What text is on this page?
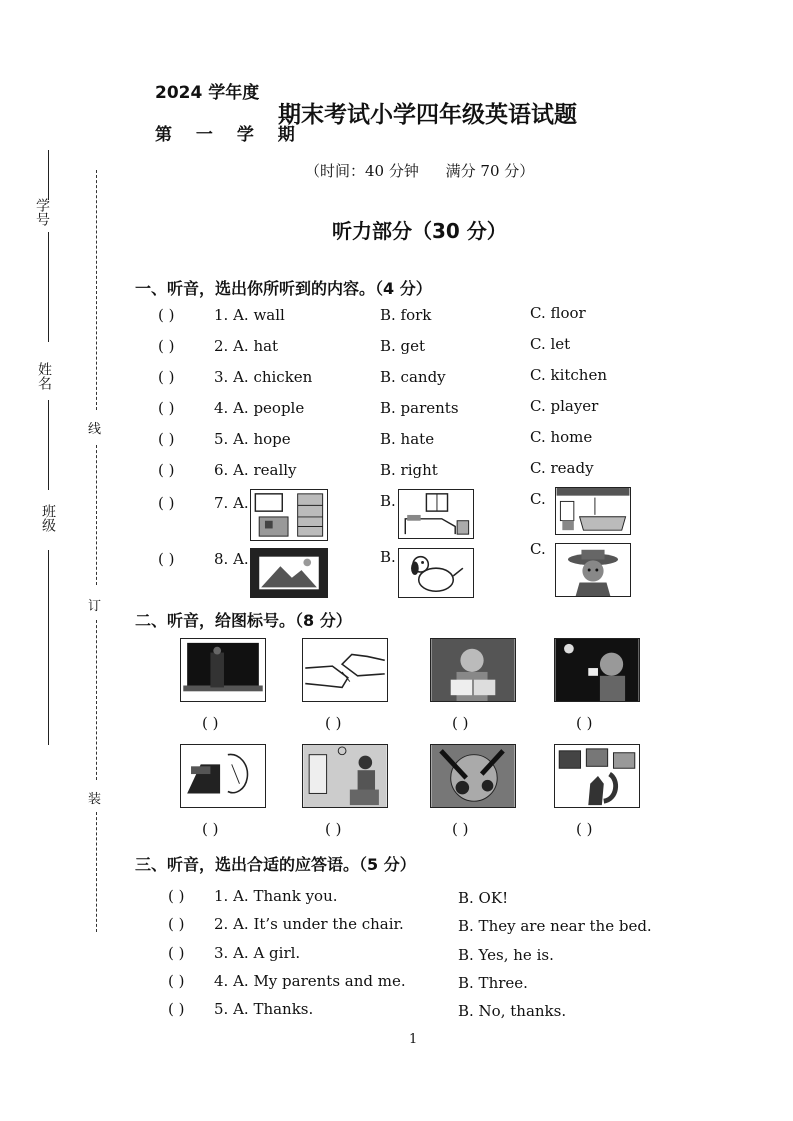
学号
姓名
班级
线
订
装
2024 学年度
第 一 学 期
期末考试小学四年级英语试题
（时间：40 分钟 满分 70 分）
听力部分（30 分）
一、听音，选出你所听到的内容。（4 分）
( )	1. A. wall	B. fork	C. floor
( )	2. A. hat	B. get	C. let
( )	3. A. chicken	B. candy	C. kitchen
( )	4. A. people	B. parents	C. player
( )	5. A. hope	B. hate	C. home
( )	6. A. really	B. right	C. ready
( )	7. A.	B.	C.
( )	8. A.	B.	C.
二、听音，给图标号。（8 分）
( )	( )	( )	( )
( )	( )	( )	( )
三、听音，选出合适的应答语。（5 分）
( ) 1. A. Thank you.	B. OK!
( ) 2. A. It’s under the chair.	B. They are near the bed.
( ) 3. A. A girl.	B. Yes, he is.
( ) 4. A. My parents and me.	B. Three.
( ) 5. A. Thanks.	B. No, thanks.
1
